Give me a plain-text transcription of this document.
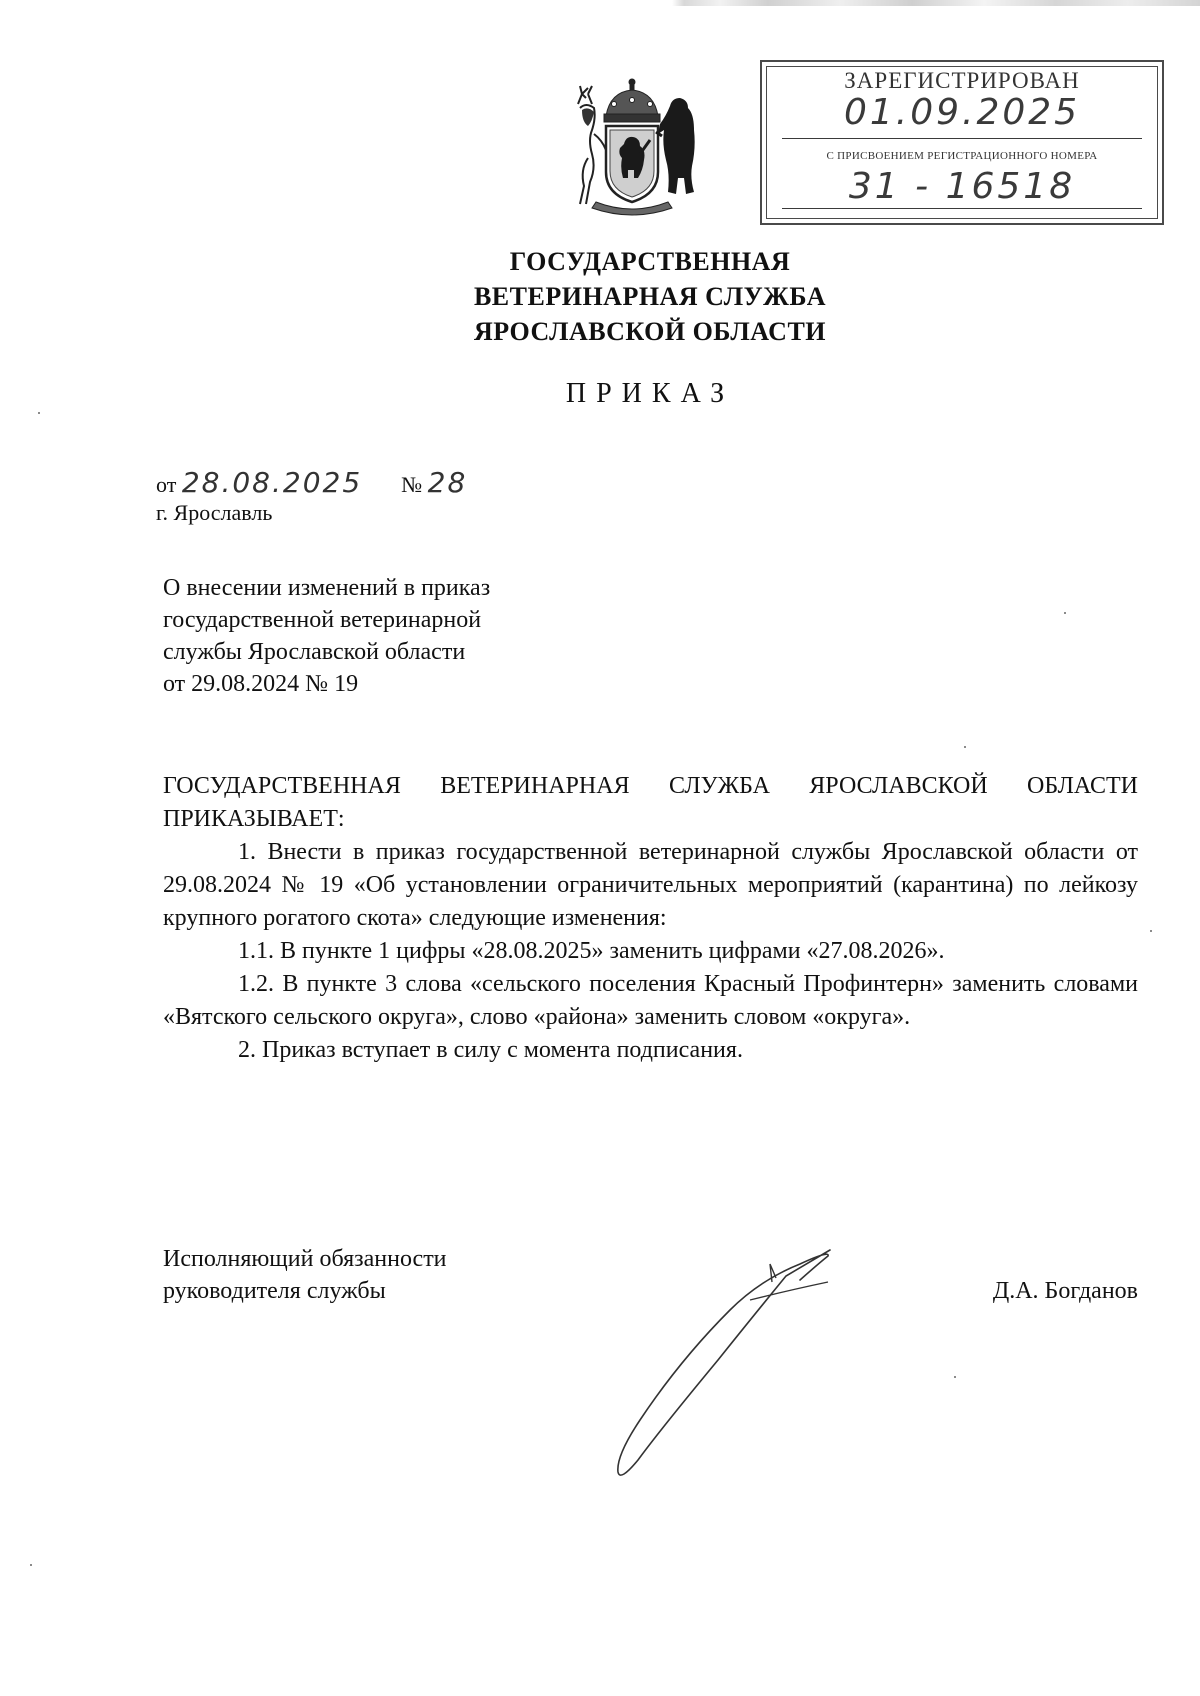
ЗАРЕГИСТРИРОВАН
01.09.2025
С ПРИСВОЕНИЕМ РЕГИСТРАЦИОННОГО НОМЕРА
31 - 16518
ГОСУДАРСТВЕННАЯ
ВЕТЕРИНАРНАЯ СЛУЖБА
ЯРОСЛАВСКОЙ ОБЛАСТИ
ПРИКАЗ
от 28.08.2025 № 28
г. Ярославль
О внесении изменений в приказ
государственной ветеринарной
службы Ярославской области
от 29.08.2024 № 19

ГОСУДАРСТВЕННАЯ ВЕТЕРИНАРНАЯ СЛУЖБА ЯРОСЛАВСКОЙ ОБЛАСТИ ПРИКАЗЫВАЕТ:

1. Внести в приказ государственной ветеринарной службы Ярославской области от 29.08.2024 № 19 «Об установлении ограничительных мероприятий (карантина) по лейкозу крупного рогатого скота» следующие изменения:

1.1. В пункте 1 цифры «28.08.2025» заменить цифрами «27.08.2026».

1.2. В пункте 3 слова «сельского поселения Красный Профинтерн» заменить словами «Вятского сельского округа», слово «района» заменить словом «округа».

2. Приказ вступает в силу с момента подписания.

Исполняющий обязанности
руководителя службы	Д.А. Богданов
